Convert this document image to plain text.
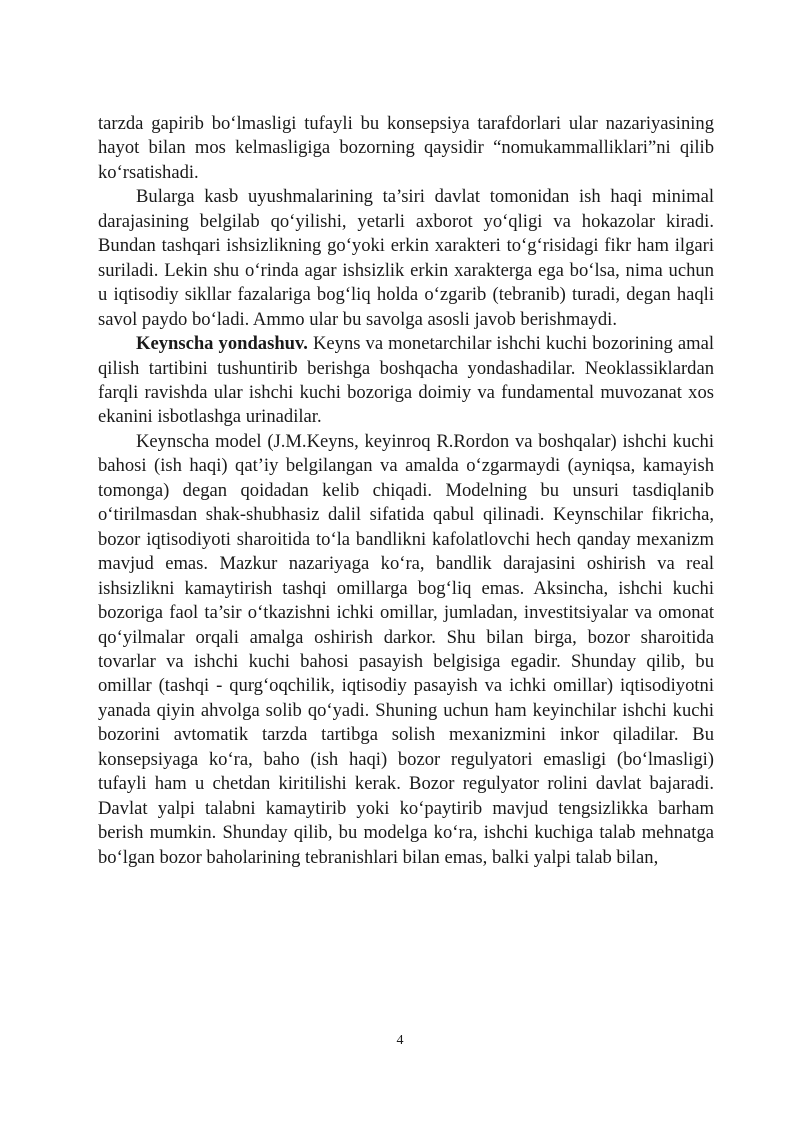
tarzda gapirib bo‘lmasligi tufayli bu konsepsiya tarafdorlari ular nazariyasining hayot bilan mos kelmasligiga bozorning qaysidir “nomukammalliklari”ni qilib ko‘rsatishadi.

Bularga kasb uyushmalarining ta’siri davlat tomonidan ish haqi minimal darajasining belgilab qo‘yilishi, yetarli axborot yo‘qligi va hokazolar kiradi. Bundan tashqari ishsizlikning go‘yoki erkin xarakteri to‘g‘risidagi fikr ham ilgari suriladi. Lekin shu o‘rinda agar ishsizlik erkin xarakterga ega bo‘lsa, nima uchun u iqtisodiy sikllar fazalariga bog‘liq holda o‘zgarib (tebranib) turadi, degan haqli savol paydo bo‘ladi. Ammo ular bu savolga asosli javob berishmaydi.

Keynscha yondashuv. Keyns va monetarchilar ishchi kuchi bozorining amal qilish tartibini tushuntirib berishga boshqacha yondashadilar. Neoklassiklardan farqli ravishda ular ishchi kuchi bozoriga doimiy va fundamental muvozanat xos ekanini isbotlashga urinadilar.

Keynscha model (J.M.Keyns, keyinroq R.Rordon va boshqalar) ishchi kuchi bahosi (ish haqi) qat’iy belgilangan va amalda o‘zgarmaydi (ayniqsa, kamayish tomonga) degan qoidadan kelib chiqadi. Modelning bu unsuri tasdiqlanib o‘tirilmasdan shak-shubhasiz dalil sifatida qabul qilinadi. Keynschilar fikricha, bozor iqtisodiyoti sharoitida to‘la bandlikni kafolatlovchi hech qanday mexanizm mavjud emas. Mazkur nazariyaga ko‘ra, bandlik darajasini oshirish va real ishsizlikni kamaytirish tashqi omillarga bog‘liq emas. Aksincha, ishchi kuchi bozoriga faol ta’sir o‘tkazishni ichki omillar, jumladan, investitsiyalar va omonat qo‘yilmalar orqali amalga oshirish darkor. Shu bilan birga, bozor sharoitida tovarlar va ishchi kuchi bahosi pasayish belgisiga egadir. Shunday qilib, bu omillar (tashqi - qurg‘oqchilik, iqtisodiy pasayish va ichki omillar) iqtisodiyotni yanada qiyin ahvolga solib qo‘yadi. Shuning uchun ham keyinchilar ishchi kuchi bozorini avtomatik tarzda tartibga solish mexanizmini inkor qiladilar. Bu konsepsiyaga ko‘ra, baho (ish haqi) bozor regulyatori emasligi (bo‘lmasligi) tufayli ham u chetdan kiritilishi kerak. Bozor regulyator rolini davlat bajaradi. Davlat yalpi talabni kamaytirib yoki ko‘paytirib mavjud tengsizlikka barham berish mumkin. Shunday qilib, bu modelga ko‘ra, ishchi kuchiga talab mehnatga bo‘lgan bozor baholarining tebranishlari bilan emas, balki yalpi talab bilan,

4
